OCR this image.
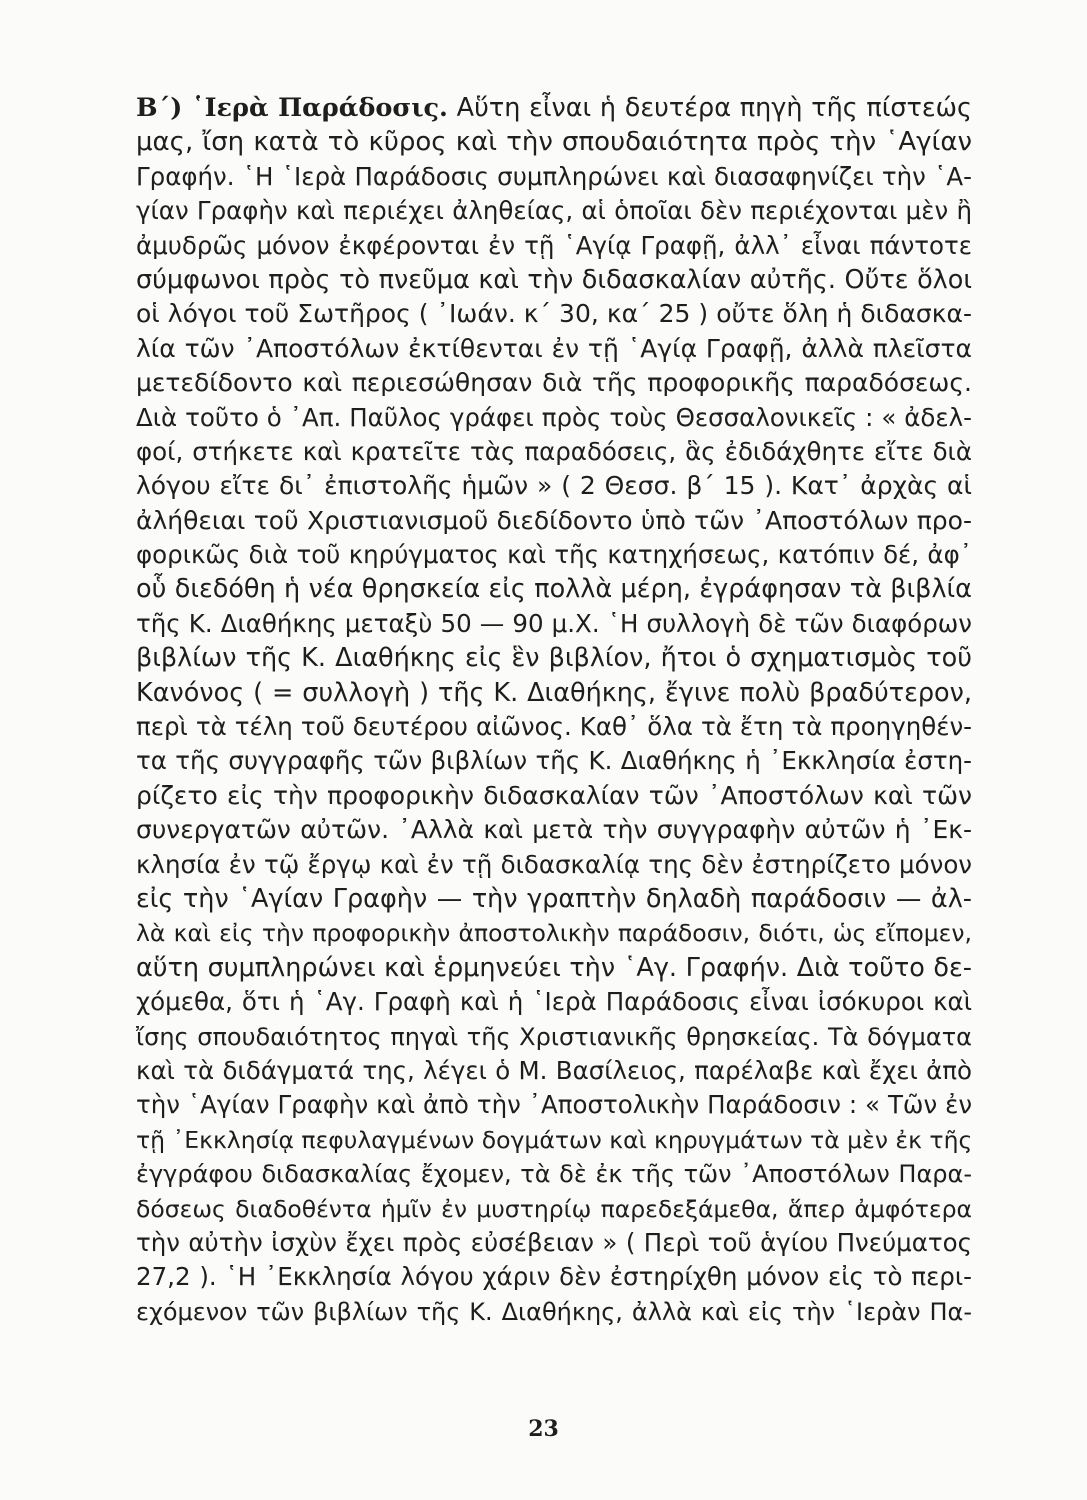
Β΄) ῾Ιερὰ Παράδοσις. Αὕτη εἶναι ἡ δευτέρα πηγὴ τῆς πίστεώς
μας, ἴση κατὰ τὸ κῦρος καὶ τὴν σπουδαιότητα πρὸς τὴν ῾Αγίαν
Γραφήν. ῾Η ῾Ιερὰ Παράδοσις συμπληρώνει καὶ διασαφηνίζει τὴν ῾Α-
γίαν Γραφὴν καὶ περιέχει ἀληθείας, αἱ ὁποῖαι δὲν περιέχονται μὲν ἢ
ἀμυδρῶς μόνον ἐκφέρονται ἐν τῇ ῾Αγίᾳ Γραφῇ, ἀλλ᾽ εἶναι πάντοτε
σύμφωνοι πρὸς τὸ πνεῦμα καὶ τὴν διδασκαλίαν αὐτῆς. Οὔτε ὅλοι
οἱ λόγοι τοῦ Σωτῆρος ( ᾽Ιωάν. κ΄ 30, κα΄ 25 ) οὔτε ὅλη ἡ διδασκα-
λία τῶν ᾽Αποστόλων ἐκτίθενται ἐν τῇ ῾Αγίᾳ Γραφῇ, ἀλλὰ πλεῖστα
μετεδίδοντο καὶ περιεσώθησαν διὰ τῆς προφορικῆς παραδόσεως.
Διὰ τοῦτο ὁ ᾽Απ. Παῦλος γράφει πρὸς τοὺς Θεσσαλονικεῖς : « ἀδελ-
φοί, στήκετε καὶ κρατεῖτε τὰς παραδόσεις, ἃς ἐδιδάχθητε εἴτε διὰ
λόγου εἴτε δι᾽ ἐπιστολῆς ἡμῶν » ( 2 Θεσσ. β΄ 15 ). Κατ᾽ ἀρχὰς αἱ
ἀλήθειαι τοῦ Χριστιανισμοῦ διεδίδοντο ὑπὸ τῶν ᾽Αποστόλων προ-
φορικῶς διὰ τοῦ κηρύγματος καὶ τῆς κατηχήσεως, κατόπιν δέ, ἀφ᾽
οὗ διεδόθη ἡ νέα θρησκεία εἰς πολλὰ μέρη, ἐγράφησαν τὰ βιβλία
τῆς Κ. Διαθήκης μεταξὺ 50 — 90 μ.Χ. ῾Η συλλογὴ δὲ τῶν διαφόρων
βιβλίων τῆς Κ. Διαθήκης εἰς ἓν βιβλίον, ἤτοι ὁ σχηματισμὸς τοῦ
Κανόνος ( = συλλογὴ ) τῆς Κ. Διαθήκης, ἔγινε πολὺ βραδύτερον,
περὶ τὰ τέλη τοῦ δευτέρου αἰῶνος. Καθ᾽ ὅλα τὰ ἔτη τὰ προηγηθέν-
τα τῆς συγγραφῆς τῶν βιβλίων τῆς Κ. Διαθήκης ἡ ᾽Εκκλησία ἐστη-
ρίζετο εἰς τὴν προφορικὴν διδασκαλίαν τῶν ᾽Αποστόλων καὶ τῶν
συνεργατῶν αὐτῶν. ᾽Αλλὰ καὶ μετὰ τὴν συγγραφὴν αὐτῶν ἡ ᾽Εκ-
κλησία ἐν τῷ ἔργῳ καὶ ἐν τῇ διδασκαλίᾳ της δὲν ἐστηρίζετο μόνον
εἰς τὴν ῾Αγίαν Γραφὴν — τὴν γραπτὴν δηλαδὴ παράδοσιν — ἀλ-
λὰ καὶ εἰς τὴν προφορικὴν ἀποστολικὴν παράδοσιν, διότι, ὡς εἴπομεν,
αὕτη συμπληρώνει καὶ ἑρμηνεύει τὴν ῾Αγ. Γραφήν. Διὰ τοῦτο δε-
χόμεθα, ὅτι ἡ ῾Αγ. Γραφὴ καὶ ἡ ῾Ιερὰ Παράδοσις εἶναι ἰσόκυροι καὶ
ἴσης σπουδαιότητος πηγαὶ τῆς Χριστιανικῆς θρησκείας. Τὰ δόγματα
καὶ τὰ διδάγματά της, λέγει ὁ Μ. Βασίλειος, παρέλαβε καὶ ἔχει ἀπὸ
τὴν ῾Αγίαν Γραφὴν καὶ ἀπὸ τὴν ᾽Αποστολικὴν Παράδοσιν : « Τῶν ἐν
τῇ ᾽Εκκλησίᾳ πεφυλαγμένων δογμάτων καὶ κηρυγμάτων τὰ μὲν ἐκ τῆς
ἐγγράφου διδασκαλίας ἔχομεν, τὰ δὲ ἐκ τῆς τῶν ᾽Αποστόλων Παρα-
δόσεως διαδοθέντα ἡμῖν ἐν μυστηρίῳ παρεδεξάμεθα, ἅπερ ἀμφότερα
τὴν αὐτὴν ἰσχὺν ἔχει πρὸς εὐσέβειαν » ( Περὶ τοῦ ἁγίου Πνεύματος
27,2 ). ῾Η ᾽Εκκλησία λόγου χάριν δὲν ἐστηρίχθη μόνον εἰς τὸ περι-
εχόμενον τῶν βιβλίων τῆς Κ. Διαθήκης, ἀλλὰ καὶ εἰς τὴν ῾Ιερὰν Πα-
23
